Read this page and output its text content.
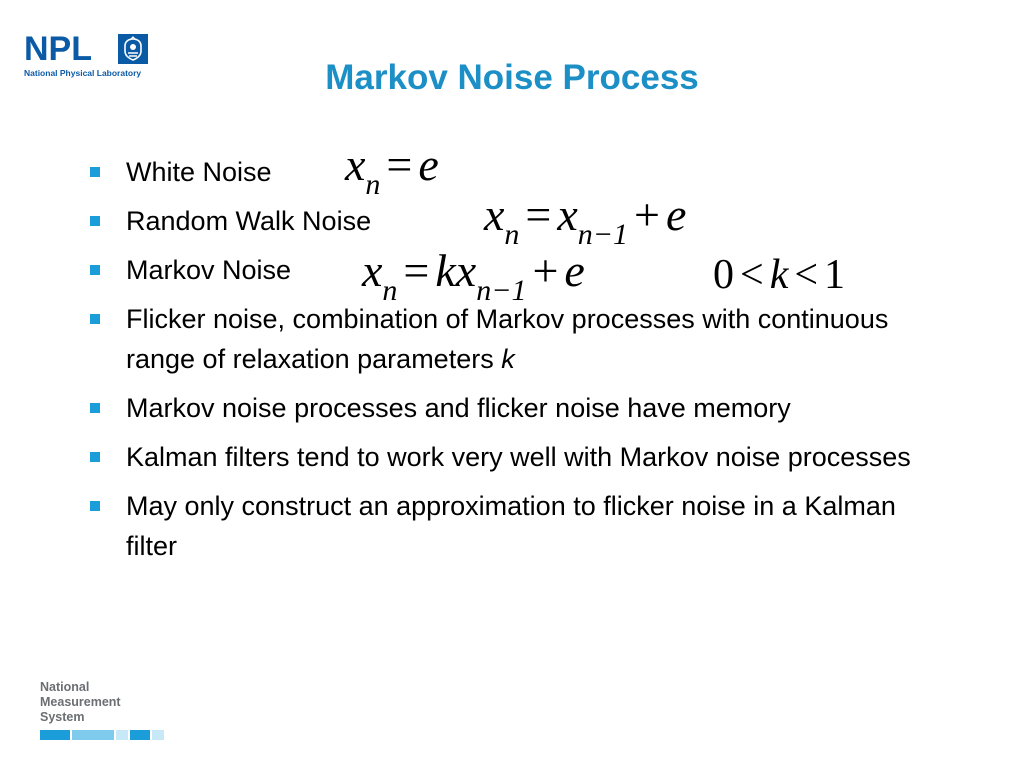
NPL
National Physical Laboratory	Markov Noise Process
White Noise
Random Walk Noise
Markov Noise
Flicker noise, combination of Markov processes with continuous range of relaxation parameters k
Markov noise processes and flicker noise have memory
Kalman filters tend to work very well with Markov noise processes
May only construct an approximation to flicker noise in a Kalman filter
$x_n = e$
$x_n = x_{n-1} + e$
$x_n = kx_{n-1} + e$	0 < k < 1
National
Measurement
System
